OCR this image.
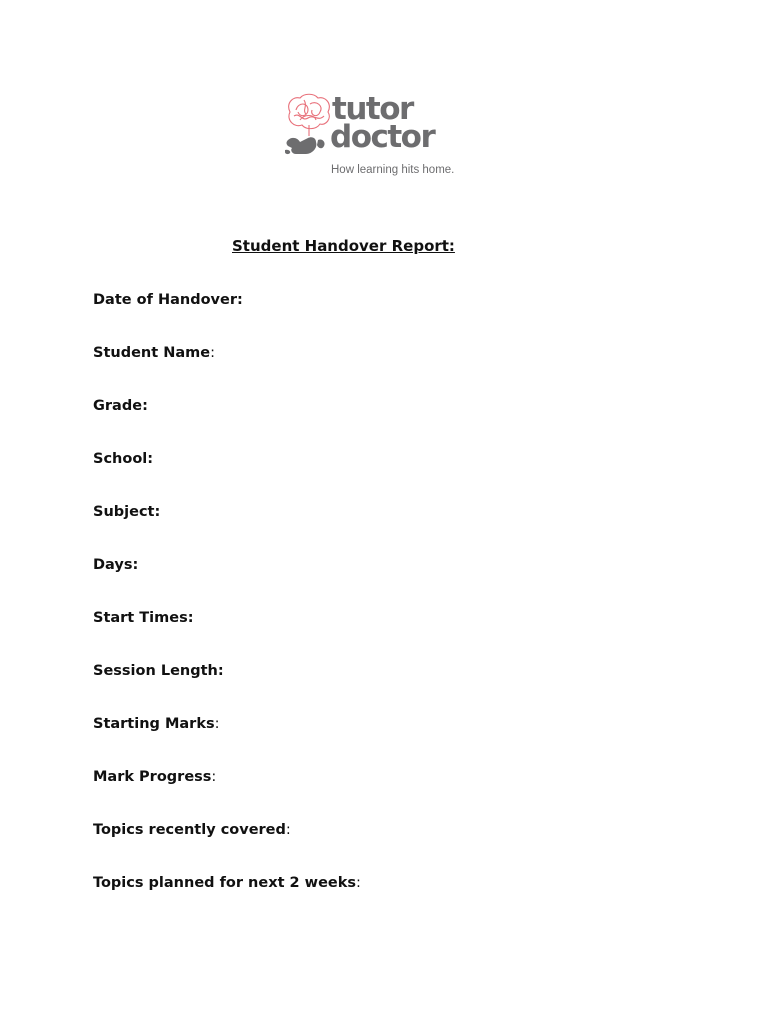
tutor
doctor
How learning hits home.
Student Handover Report:
Date of Handover:
Student Name:
Grade:
School:
Subject:
Days:
Start Times:
Session Length:
Starting Marks:
Mark Progress:
Topics recently covered:
Topics planned for next 2 weeks:
